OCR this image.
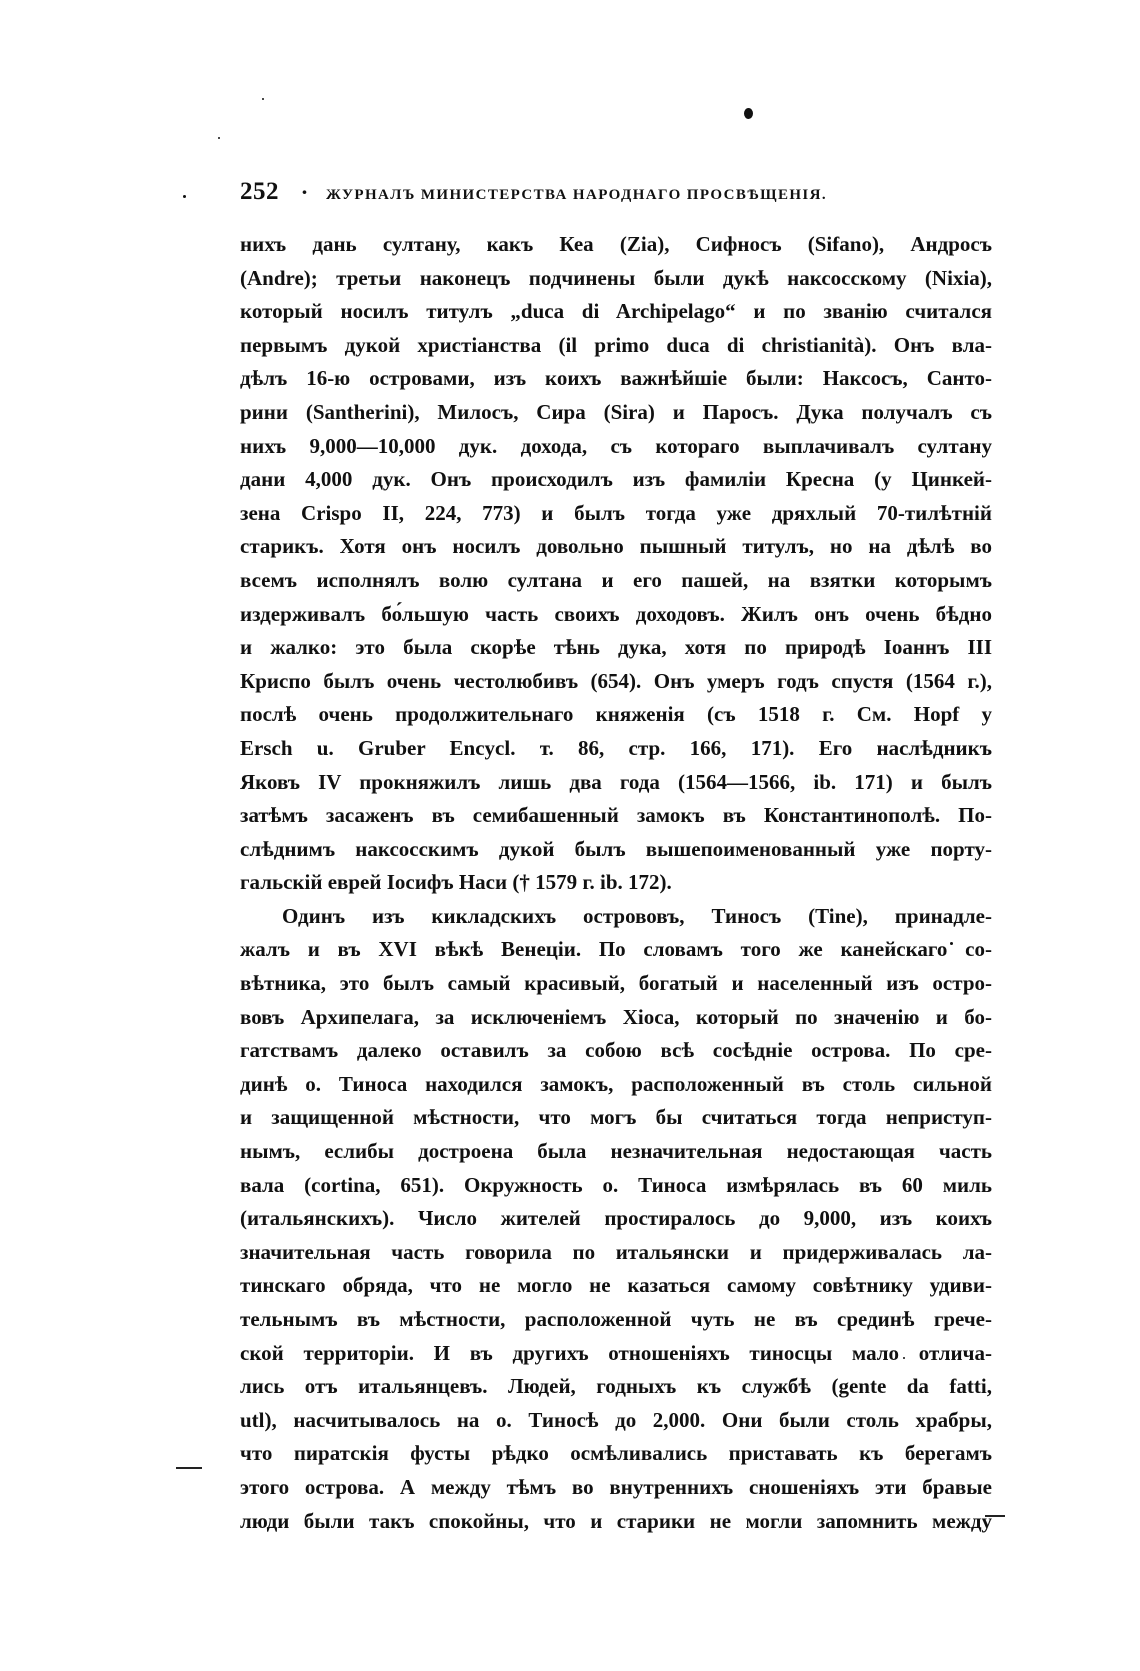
252 · ЖУРНАЛЪ МИНИСТЕРСТВА НАРОДНАГО ПРОСВѢЩЕНІЯ.

нихъ дань султану, какъ Кеа (Zia), Сифносъ (Sifano), Андросъ
(Andre); третьи наконецъ подчинены были дукѣ наксосскому (Nixia),
который носилъ титулъ „duca di Archipelago“ и по званію считался
первымъ дукой христіанства (il primo duca di christianità). Онъ вла-
дѣлъ 16-ю островами, изъ коихъ важнѣйшіе были: Наксосъ, Санто-
рини (Santherini), Милосъ, Сира (Sira) и Паросъ. Дука получалъ съ
нихъ 9,000—10,000 дук. дохода, съ котораго выплачивалъ султану
дани 4,000 дук. Онъ происходилъ изъ фамиліи Кресна (у Цинкей-
зена Crispo II, 224, 773) и былъ тогда уже дряхлый 70-тилѣтній
старикъ. Хотя онъ носилъ довольно пышный титулъ, но на дѣлѣ во
всемъ исполнялъ волю султана и его пашей, на взятки которымъ
издерживалъ бо́льшую часть своихъ доходовъ. Жилъ онъ очень бѣдно
и жалко: это была скорѣе тѣнь дука, хотя по природѣ Іоаннъ III
Криспо былъ очень честолюбивъ (654). Онъ умеръ годъ спустя (1564 г.),
послѣ очень продолжительнаго княженія (съ 1518 г. См. Hopf у
Ersch u. Gruber Encycl. т. 86, стр. 166, 171). Его наслѣдникъ
Яковъ IV прокняжилъ лишь два года (1564—1566, ib. 171) и былъ
затѣмъ засаженъ въ семибашенный замокъ въ Константинополѣ. По-
слѣднимъ наксосскимъ дукой былъ вышепоименованный уже порту-
гальскій еврей Іосифъ Наси († 1579 г. ib. 172).

Одинъ изъ кикладскихъ острововъ, Тиносъ (Tine), принадле-
жалъ и въ XVI вѣкѣ Венеціи. По словамъ того же канейскаго со-
вѣтника, это былъ самый красивый, богатый и населенный изъ остро-
вовъ Архипелага, за исключеніемъ Хіоса, который по значенію и бо-
гатствамъ далеко оставилъ за собою всѣ сосѣдніе острова. По сре-
динѣ о. Тиноса находился замокъ, расположенный въ столь сильной
и защищенной мѣстности, что могъ бы считаться тогда неприступ-
нымъ, еслибы достроена была незначительная недостающая часть
вала (cortina, 651). Окружность о. Тиноса измѣрялась въ 60 миль
(итальянскихъ). Число жителей простиралось до 9,000, изъ коихъ
значительная часть говорила по итальянски и придерживалась ла-
тинскаго обряда, что не могло не казаться самому совѣтнику удиви-
тельнымъ въ мѣстности, расположенной чуть не въ срединѣ грече-
ской территоріи. И въ другихъ отношеніяхъ тиносцы мало отлича-
лись отъ итальянцевъ. Людей, годныхъ къ службѣ (gente da fatti,
utl), насчитывалось на о. Тиносѣ до 2,000. Они были столь храбры,
что пиратскія фусты рѣдко осмѣливались приставать къ берегамъ
этого острова. А между тѣмъ во внутреннихъ сношеніяхъ эти бравые
люди были такъ спокойны, что и старики не могли запомнить между
